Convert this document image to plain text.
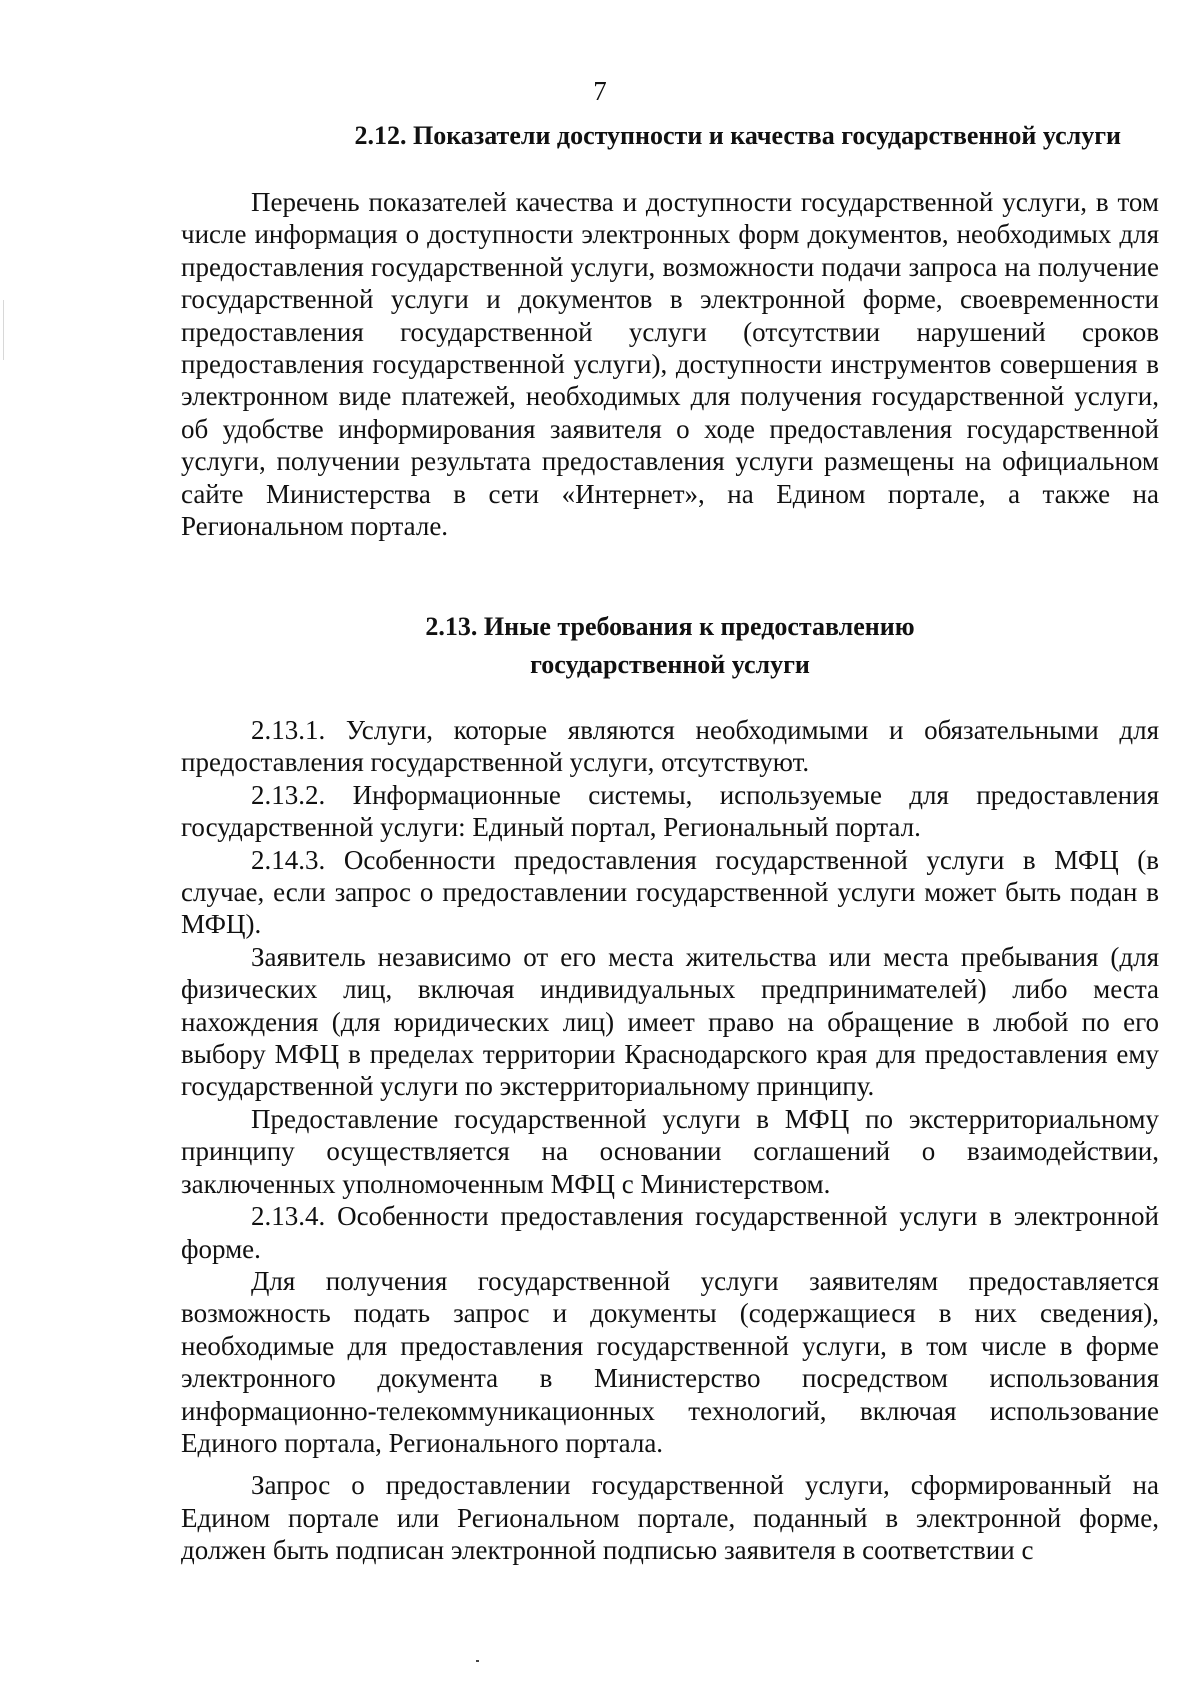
7

2.12. Показатели доступности и качества государственной услуги

Перечень показателей качества и доступности государственной услуги, в том числе информация о доступности электронных форм документов, необходимых для предоставления государственной услуги, возможности подачи запроса на получение государственной услуги и документов в электронной форме, своевременности предоставления государственной услуги (отсутствии нарушений сроков предоставления государственной услуги), доступности инструментов совершения в электронном виде платежей, необходимых для получения государственной услуги, об удобстве информирования заявителя о ходе предоставления государственной услуги, получении результата предоставления услуги размещены на официальном сайте Министерства в сети «Интернет», на Едином портале, а также на Региональном портале.

2.13. Иные требования к предоставлению
государственной услуги

2.13.1. Услуги, которые являются необходимыми и обязательными для предоставления государственной услуги, отсутствуют.

2.13.2. Информационные системы, используемые для предоставления государственной услуги: Единый портал, Региональный портал.

2.14.3. Особенности предоставления государственной услуги в МФЦ (в случае, если запрос о предоставлении государственной услуги может быть подан в МФЦ).

Заявитель независимо от его места жительства или места пребывания (для физических лиц, включая индивидуальных предпринимателей) либо места нахождения (для юридических лиц) имеет право на обращение в любой по его выбору МФЦ в пределах территории Краснодарского края для предоставления ему государственной услуги по экстерриториальному принципу.

Предоставление государственной услуги в МФЦ по экстерриториальному принципу осуществляется на основании соглашений о взаимодействии, заключенных уполномоченным МФЦ с Министерством.

2.13.4. Особенности предоставления государственной услуги в электронной форме.

Для получения государственной услуги заявителям предоставляется возможность подать запрос и документы (содержащиеся в них сведения), необходимые для предоставления государственной услуги, в том числе в форме электронного документа в Министерство посредством использования информационно-телекоммуникационных технологий, включая использование Единого портала, Регионального портала.

Запрос о предоставлении государственной услуги, сформированный на Едином портале или Региональном портале, поданный в электронной форме, должен быть подписан электронной подписью заявителя в соответствии с
